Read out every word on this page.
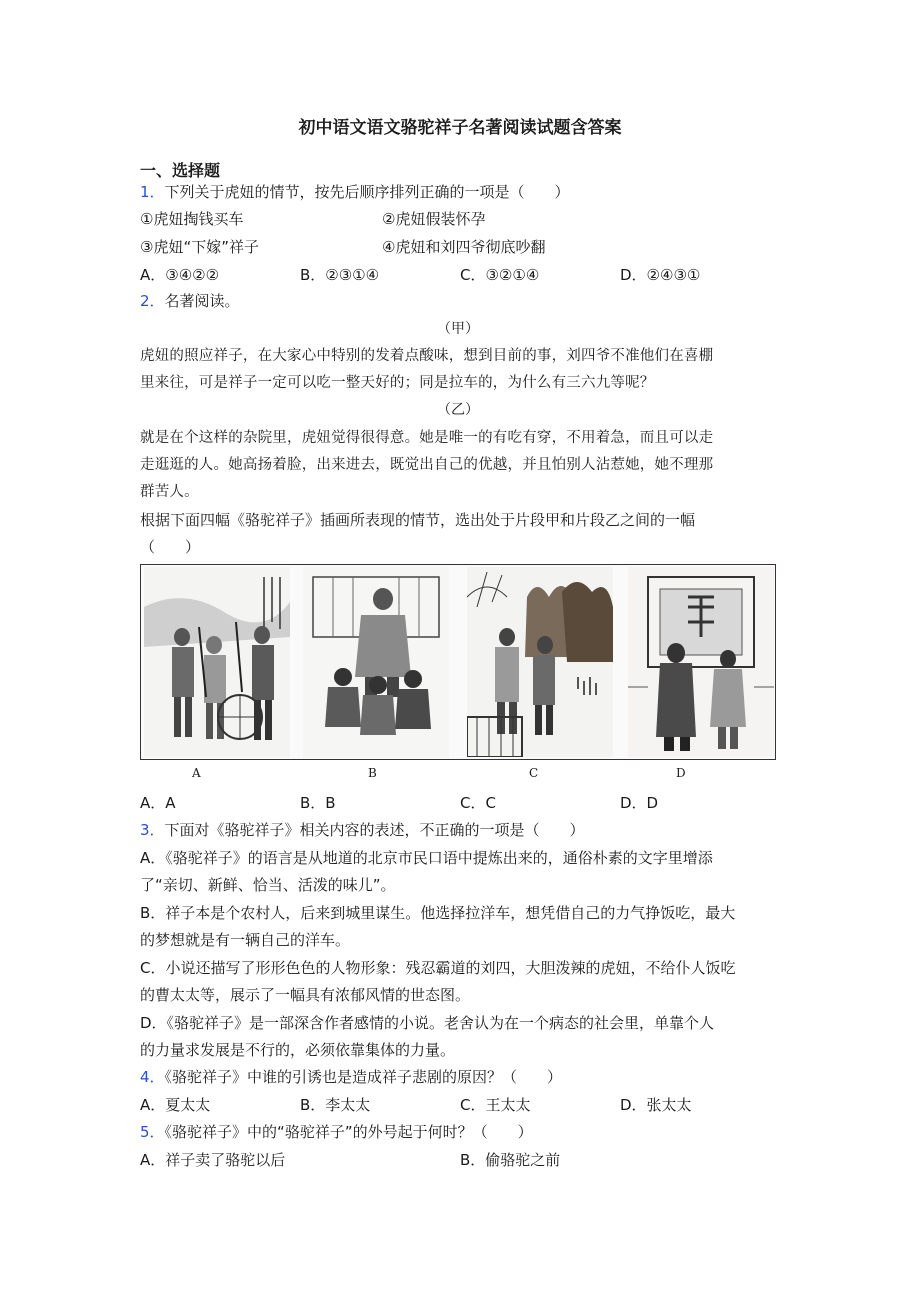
初中语文语文骆驼祥子名著阅读试题含答案
一、选择题
1．下列关于虎妞的情节，按先后顺序排列正确的一项是（　　）
①虎妞掏钱买车	②虎妞假装怀孕
③虎妞“下嫁”祥子	④虎妞和刘四爷彻底吵翻
A．③④②②	B．②③①④	C．③②①④	D．②④③①
2．名著阅读。
（甲）
虎妞的照应祥子，在大家心中特别的发着点酸味，想到目前的事，刘四爷不准他们在喜棚
里来往，可是祥子一定可以吃一整天好的；同是拉车的，为什么有三六九等呢？
（乙）
就是在个这样的杂院里，虎妞觉得很得意。她是唯一的有吃有穿，不用着急，而且可以走
走逛逛的人。她高扬着脸，出来进去，既觉出自己的优越，并且怕别人沾惹她，她不理那
群苦人。
根据下面四幅《骆驼祥子》插画所表现的情节，选出处于片段甲和片段乙之间的一幅
（　　）
A	B	C	D
A．A	B．B	C．C	D．D
3．下面对《骆驼祥子》相关内容的表述，不正确的一项是（　　）
A．《骆驼祥子》的语言是从地道的北京市民口语中提炼出来的，通俗朴素的文字里增添
了“亲切、新鲜、恰当、活泼的味儿”。
B．祥子本是个农村人，后来到城里谋生。他选择拉洋车，想凭借自己的力气挣饭吃，最大
的梦想就是有一辆自己的洋车。
C．小说还描写了形形色色的人物形象：残忍霸道的刘四，大胆泼辣的虎妞，不给仆人饭吃
的曹太太等，展示了一幅具有浓郁风情的世态图。
D．《骆驼祥子》是一部深含作者感情的小说。老舍认为在一个病态的社会里，单靠个人
的力量求发展是不行的，必须依靠集体的力量。
4．《骆驼祥子》中谁的引诱也是造成祥子悲剧的原因？（　　）
A．夏太太	B．李太太	C．王太太	D．张太太
5．《骆驼祥子》中的“骆驼祥子”的外号起于何时？（　　）
A．祥子卖了骆驼以后	B．偷骆驼之前
